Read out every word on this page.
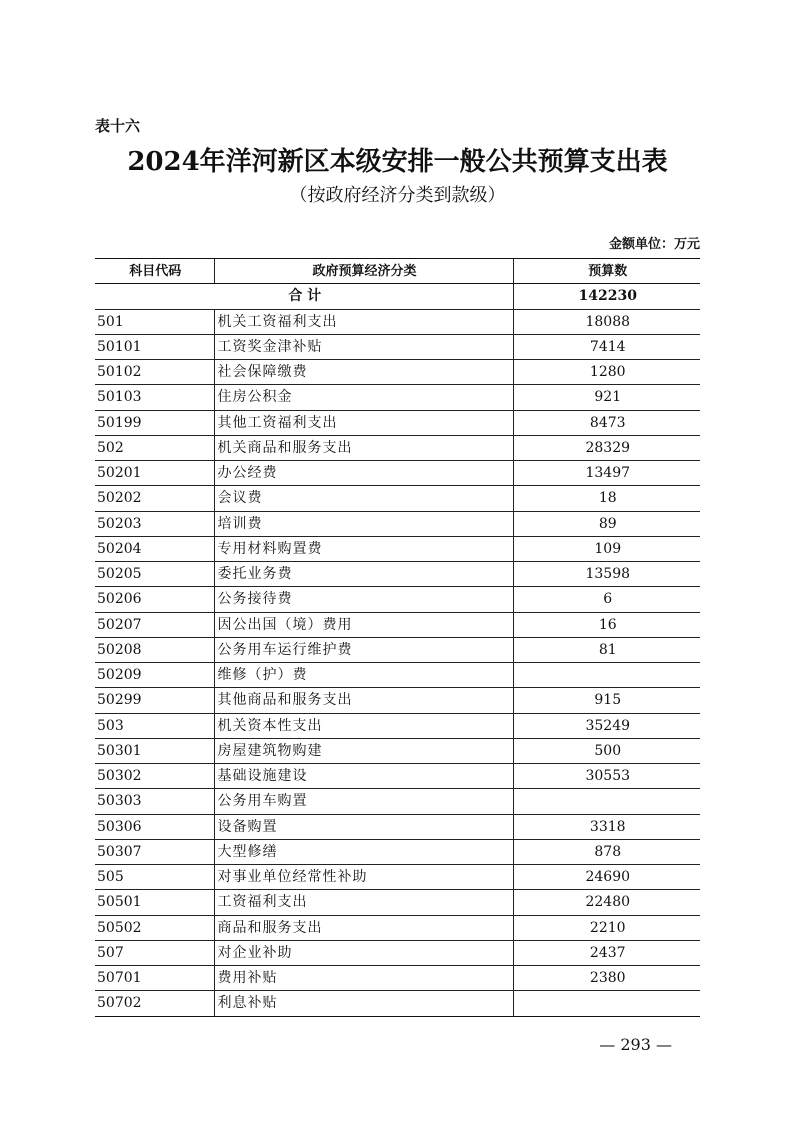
表十六
2024年洋河新区本级安排一般公共预算支出表
（按政府经济分类到款级）
金额单位：万元
科目代码	政府预算经济分类	预算数
合 计		142230
501	机关工资福利支出	18088
50101	工资奖金津补贴	7414
50102	社会保障缴费	1280
50103	住房公积金	921
50199	其他工资福利支出	8473
502	机关商品和服务支出	28329
50201	办公经费	13497
50202	会议费	18
50203	培训费	89
50204	专用材料购置费	109
50205	委托业务费	13598
50206	公务接待费	6
50207	因公出国（境）费用	16
50208	公务用车运行维护费	81
50209	维修（护）费	
50299	其他商品和服务支出	915
503	机关资本性支出	35249
50301	房屋建筑物购建	500
50302	基础设施建设	30553
50303	公务用车购置	
50306	设备购置	3318
50307	大型修缮	878
505	对事业单位经常性补助	24690
50501	工资福利支出	22480
50502	商品和服务支出	2210
507	对企业补助	2437
50701	费用补贴	2380
50702	利息补贴	
— 293 —
